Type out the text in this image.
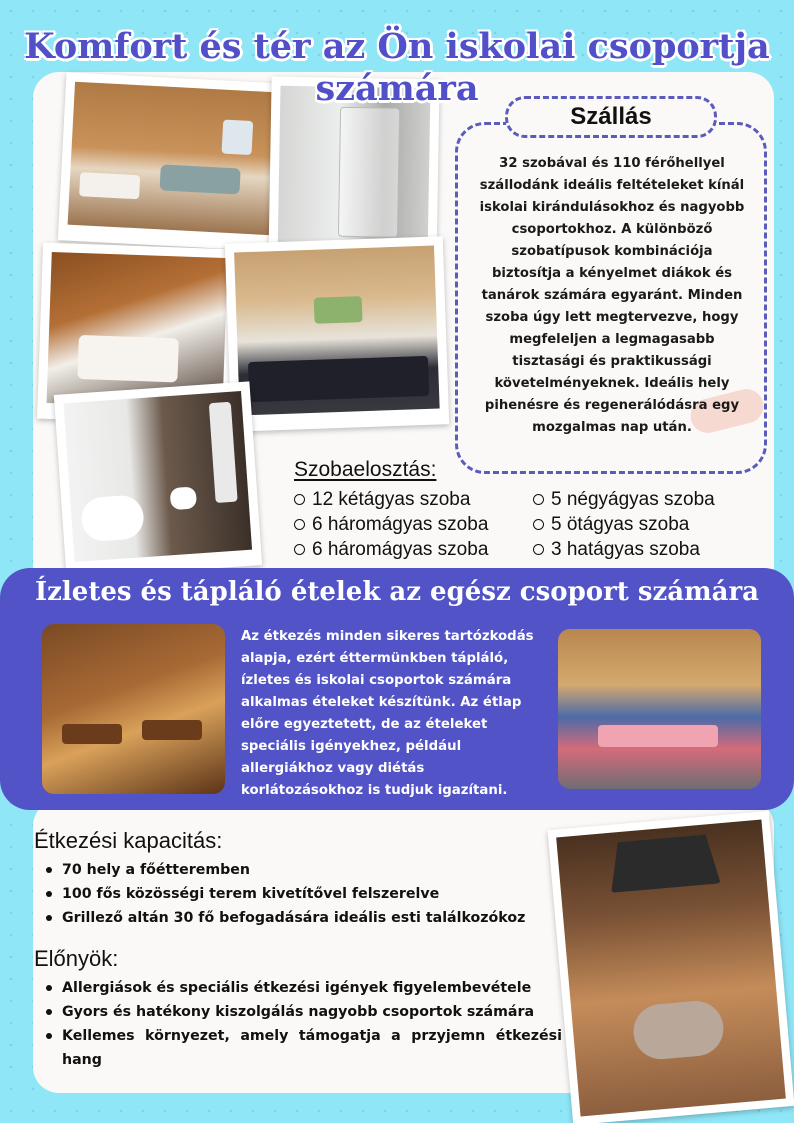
Komfort és tér az Ön iskolai csoportja számára
Szállás
32 szobával és 110 férőhellyel szállodánk ideális feltételeket kínál iskolai kirándulásokhoz és nagyobb csoportokhoz. A különböző szobatípusok kombinációja biztosítja a kényelmet diákok és tanárok számára egyaránt. Minden szoba úgy lett megtervezve, hogy megfeleljen a legmagasabb tisztasági és praktikussági követelményeknek. Ideális hely pihenésre és regenerálódásra egy mozgalmas nap után.
Szobaelosztás:
12 kétágyas szoba
6 háromágyas szoba
6 háromágyas szoba
5 négyágyas szoba
5 ötágyas szoba
3 hatágyas szoba
Ízletes és tápláló ételek az egész csoport számára
Az étkezés minden sikeres tartózkodás alapja, ezért éttermünkben tápláló, ízletes és iskolai csoportok számára alkalmas ételeket készítünk. Az étlap előre egyeztetett, de az ételeket speciális igényekhez, például allergiákhoz vagy diétás korlátozásokhoz is tudjuk igazítani.
Étkezési kapacitás:
70 hely a főétteremben
100 fős közösségi terem kivetítővel felszerelve
Grillező altán 30 fő befogadására ideális esti találkozókoz
Előnyök:
Allergiások és speciális étkezési igények figyelembevétele
Gyors és hatékony kiszolgálás nagyobb csoportok számára
Kellemes környezet, amely támogatja a przyjemn étkezési hang
